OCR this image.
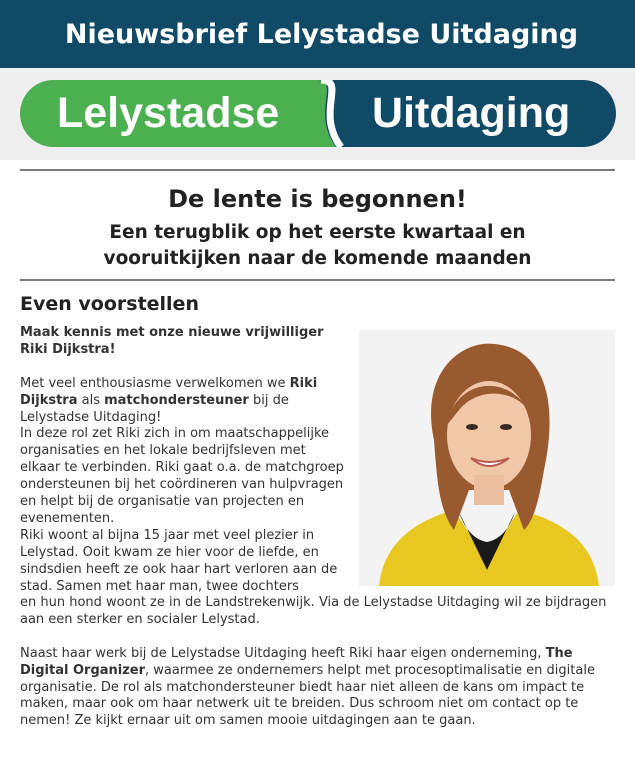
Nieuwsbrief Lelystadse Uitdaging
Lelystadse Uitdaging
De lente is begonnen!
Een terugblik op het eerste kwartaal en vooruitkijken naar de komende maanden
Even voorstellen

Maak kennis met onze nieuwe vrijwilliger Riki Dijkstra!

Met veel enthousiasme verwelkomen we Riki Dijkstra als matchondersteuner bij de Lelystadse Uitdaging!

In deze rol zet Riki zich in om maatschappelijke organisaties en het lokale bedrijfsleven met elkaar te verbinden. Riki gaat o.a. de matchgroep ondersteunen bij het coördineren van hulpvragen en helpt bij de organisatie van projecten en evenementen.

Riki woont al bijna 15 jaar met veel plezier in Lelystad. Ooit kwam ze hier voor de liefde, en sindsdien heeft ze ook haar hart verloren aan de stad. Samen met haar man, twee dochters

en hun hond woont ze in de Landstrekenwijk. Via de Lelystadse Uitdaging wil ze bijdragen aan een sterker en socialer Lelystad.

Naast haar werk bij de Lelystadse Uitdaging heeft Riki haar eigen onderneming, The Digital Organizer, waarmee ze ondernemers helpt met procesoptimalisatie en digitale organisatie. De rol als matchondersteuner biedt haar niet alleen de kans om impact te maken, maar ook om haar netwerk uit te breiden. Dus schroom niet om contact op te nemen! Ze kijkt ernaar uit om samen mooie uitdagingen aan te gaan.
